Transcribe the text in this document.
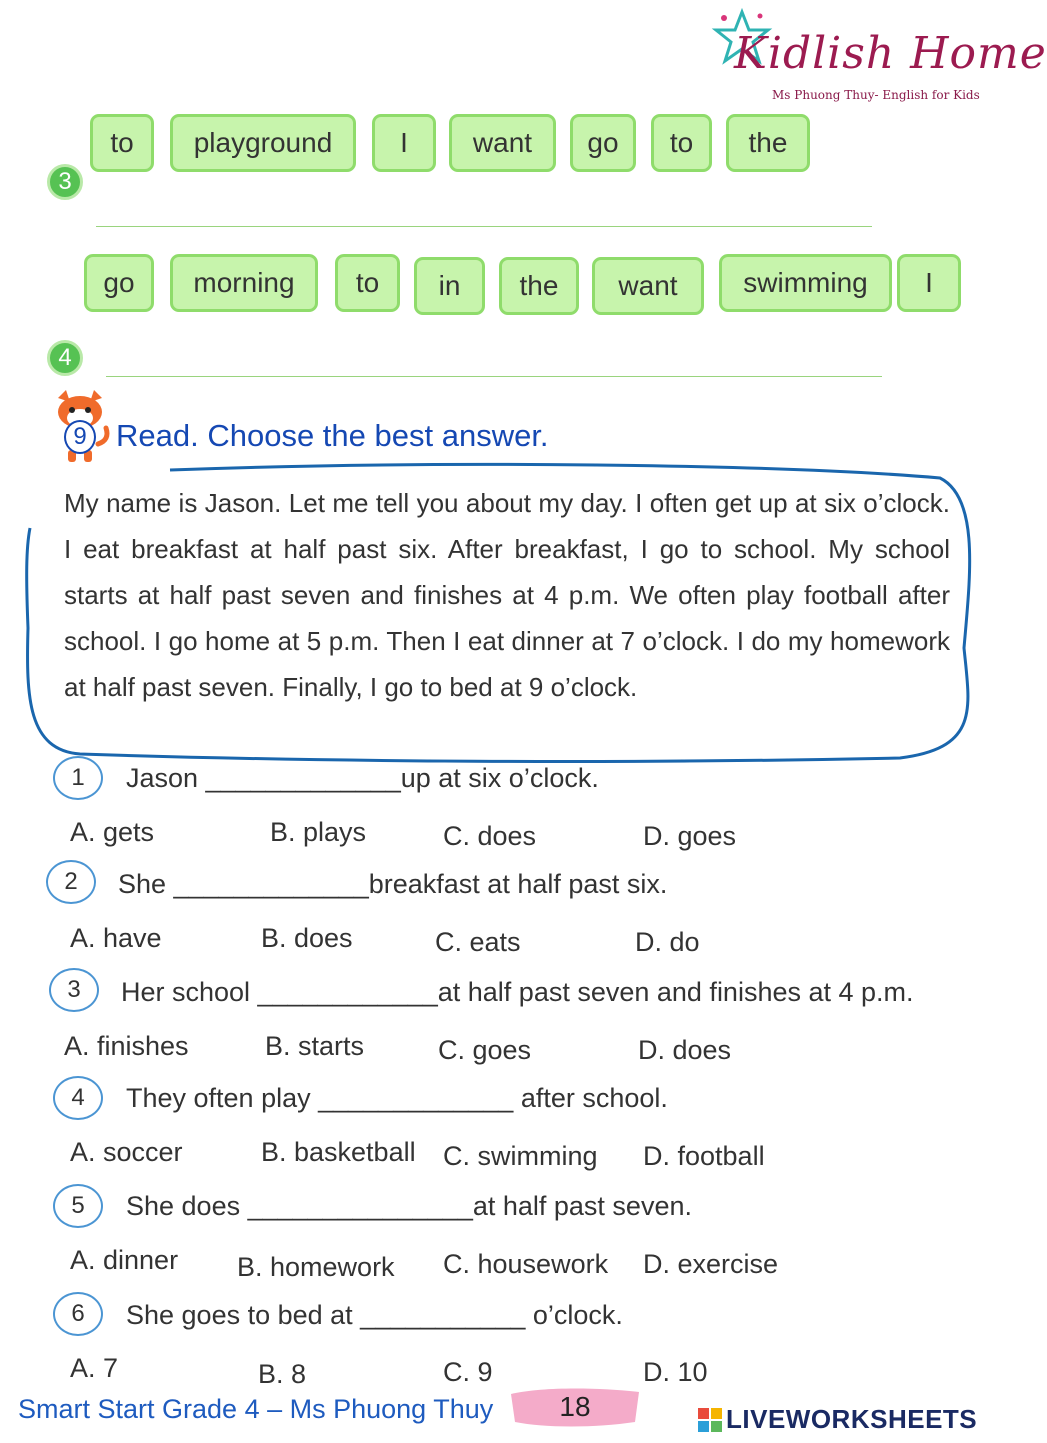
Kidlish Home
Ms Phuong Thuy- English for Kids
to	playground	I	want	go	to	the
3
go	morning	to	in	the	want	swimming	I
4
9 Read. Choose the best answer.
My name is Jason. Let me tell you about my day. I often get up at six o’clock. I eat breakfast at half past six. After breakfast, I go to school. My school starts at half past seven and finishes at 4 p.m. We often play football after school. I go home at 5 p.m. Then I eat dinner at 7 o’clock. I do my homework at half past seven. Finally, I go to bed at 9 o’clock.
1	Jason _____________up at six o’clock.
A. gets	B. plays	C. does	D. goes
2	She _____________breakfast at half past six.
A. have	B. does	C. eats	D. do
3	Her school ____________at half past seven and finishes at 4 p.m.
A. finishes	B. starts	C. goes	D. does
4	They often play _____________ after school.
A. soccer	B. basketball C. swimming D. football
5	She does _______________at half past seven.
A. dinner B. homework C. housework D. exercise
6	She goes to bed at ___________ o’clock.
A. 7	B. 8	C. 9	D. 10
Smart Start Grade 4 – Ms Phuong Thuy	18	LIVEWORKSHEETS
